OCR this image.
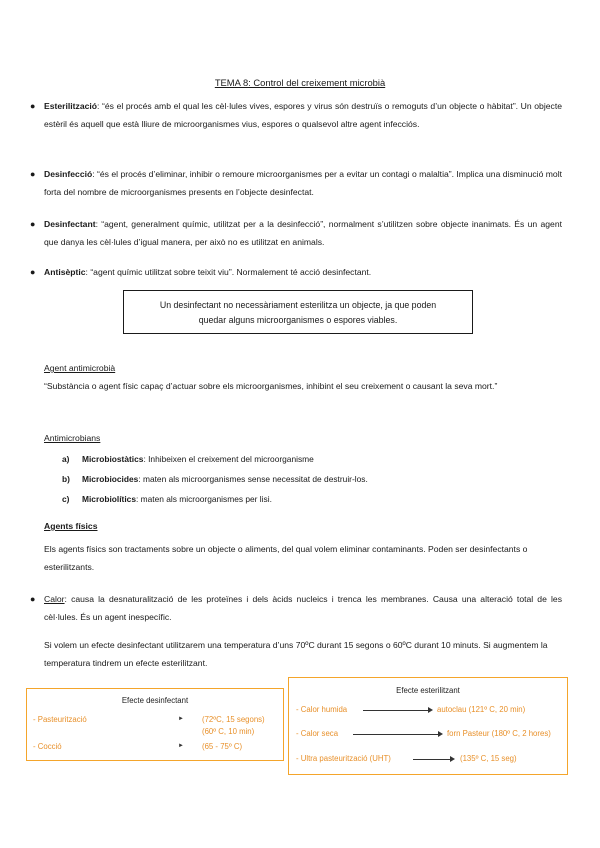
TEMA 8: Control del creixement microbià
● Esterilització: “és el procés amb el qual les cèl·lules vives, espores y virus són destruïs o remoguts d’un objecte o hàbitat”. Un objecte estèril és aquell que està lliure de microorganismes vius, espores o qualsevol altre agent infecciós.
● Desinfecció: “és el procés d’eliminar, inhibir o remoure microorganismes per a evitar un contagi o malaltia”. Implica una disminució molt forta del nombre de microorganismes presents en l’objecte desinfectat.
● Desinfectant: “agent, generalment químic, utilitzat per a la desinfecció”, normalment s’utilitzen sobre objecte inanimats. És un agent que danya les cèl·lules d’igual manera, per això no es utilitzat en animals.
● Antisèptic: “agent químic utilitzat sobre teixit viu”. Normalement té acció desinfectant.
Un desinfectant no necessàriament esterilitza un objecte, ja que poden
quedar alguns microorganismes o espores viables.
Agent antimicrobià
“Substància o agent físic capaç d’actuar sobre els microorganismes, inhibint el seu creixement o causant la seva mort.”
Antimicrobians
a) Microbiostàtics: Inhibeixen el creixement del microorganisme
b) Microbiocides: maten als microorganismes sense necessitat de destruir-los.
c) Microbiolítics: maten als microorganismes per lisi.
Agents físics
Els agents físics son tractaments sobre un objecte o aliments, del qual volem eliminar contaminants. Poden ser desinfectants o esterilitzants.
● Calor: causa la desnaturalització de les proteïnes i dels àcids nucleics i trenca les membranes. Causa una alteració total de les cèl·lules. És un agent inespecífic.
Si volem un efecte desinfectant utilitzarem una temperatura d’uns 70ºC durant 15 segons o 60ºC durant 10 minuts. Si augmentem la temperatura tindrem un efecte esterilitzant.
Efecte desinfectant
- Pasteurització	► (72ºC, 15 segons)
(60º C, 10 min)
- Cocció	► (65 - 75º C)
Efecte esterilitzant
- Calor humida	autoclau (121º C, 20 min)
- Calor seca	forn Pasteur (180º C, 2 hores)
- Ultra pasteurització (UHT)	(135º C, 15 seg)
